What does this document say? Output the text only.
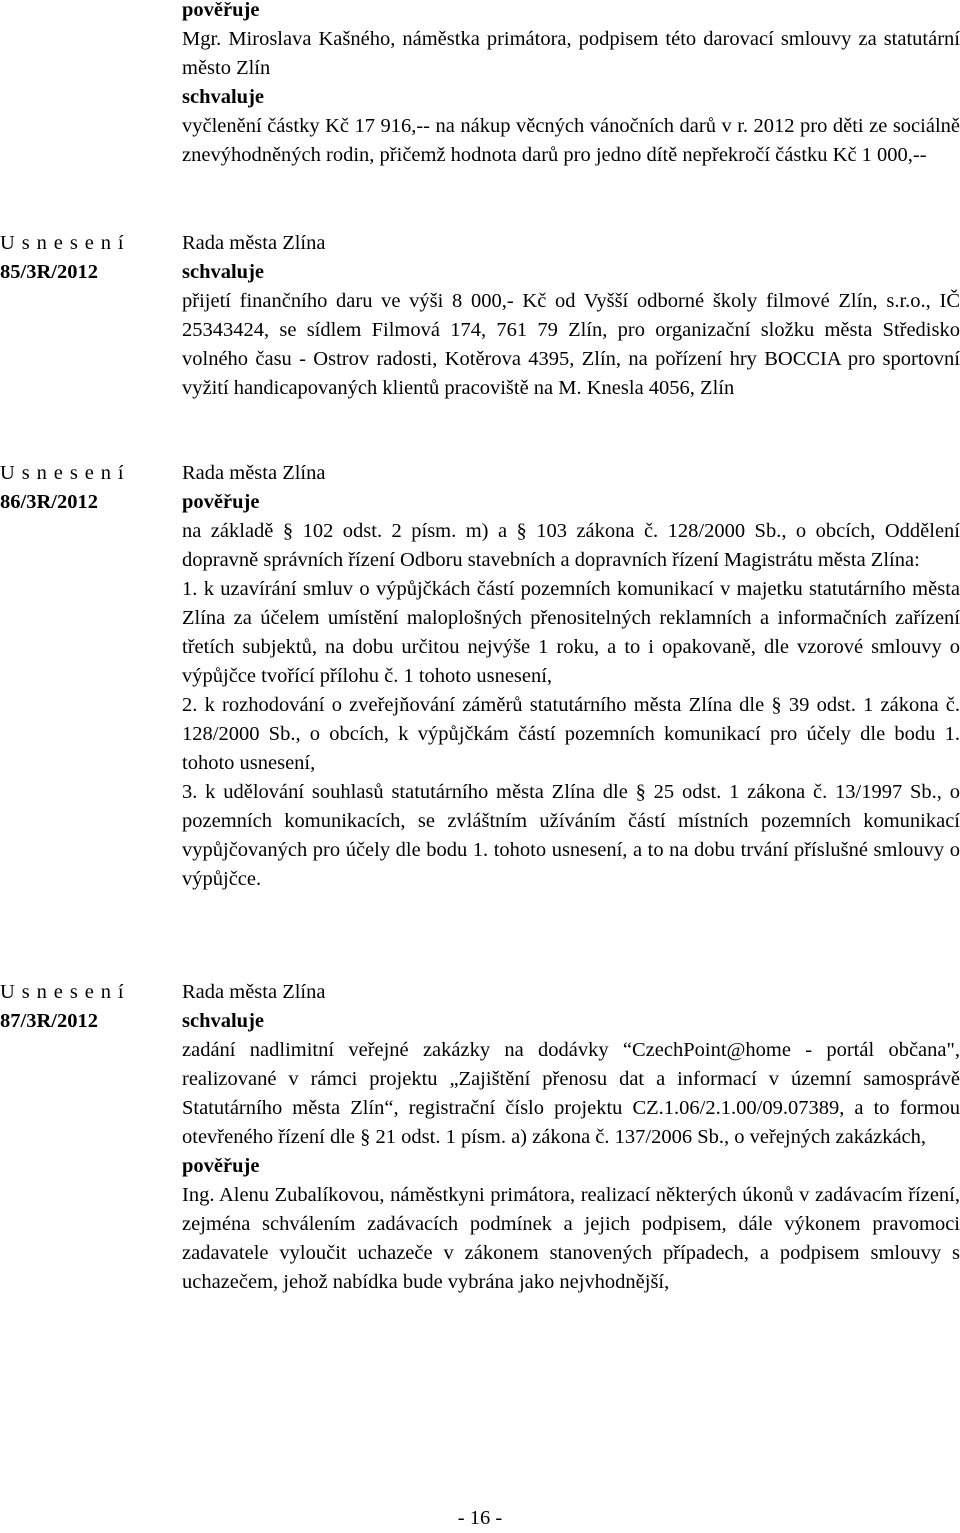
pověřuje

Mgr. Miroslava Kašného, náměstka primátora, podpisem této darovací smlouvy za statutární město Zlín

schvaluje

vyčlenění částky Kč 17 916,-- na nákup věcných vánočních darů v r. 2012 pro děti ze sociálně znevýhodněných rodin, přičemž hodnota darů pro jedno dítě nepřekročí částku Kč 1 000,--

U s n e s e n í
85/3R/2012
Rada města Zlína
schvaluje

přijetí finančního daru ve výši 8 000,- Kč od Vyšší odborné školy filmové Zlín, s.r.o., IČ 25343424, se sídlem Filmová 174, 761 79 Zlín, pro organizační složku města Středisko volného času - Ostrov radosti, Kotěrova 4395, Zlín, na pořízení hry BOCCIA pro sportovní vyžití handicapovaných klientů pracoviště na M. Knesla 4056, Zlín

U s n e s e n í
86/3R/2012
Rada města Zlína
pověřuje

na základě § 102 odst. 2 písm. m) a § 103 zákona č. 128/2000 Sb., o obcích, Oddělení dopravně správních řízení Odboru stavebních a dopravních řízení Magistrátu města Zlína:

1. k uzavírání smluv o výpůjčkách částí pozemních komunikací v majetku statutárního města Zlína za účelem umístění maloplošných přenositelných reklamních a informačních zařízení třetích subjektů, na dobu určitou nejvýše 1 roku, a to i opakovaně, dle vzorové smlouvy o výpůjčce tvořící přílohu č. 1 tohoto usnesení,

2. k rozhodování o zveřejňování záměrů statutárního města Zlína dle § 39 odst. 1 zákona č. 128/2000 Sb., o obcích, k výpůjčkám částí pozemních komunikací pro účely dle bodu 1. tohoto usnesení,

3. k udělování souhlasů statutárního města Zlína dle § 25 odst. 1 zákona č. 13/1997 Sb., o pozemních komunikacích, se zvláštním užíváním částí místních pozemních komunikací vypůjčovaných pro účely dle bodu 1. tohoto usnesení, a to na dobu trvání příslušné smlouvy o výpůjčce.

U s n e s e n í
87/3R/2012
Rada města Zlína
schvaluje

zadání nadlimitní veřejné zakázky na dodávky “CzechPoint@home - portál občana", realizované v rámci projektu „Zajištění přenosu dat a informací v územní samosprávě Statutárního města Zlín“, registrační číslo projektu CZ.1.06/2.1.00/09.07389, a to formou otevřeného řízení dle § 21 odst. 1 písm. a) zákona č. 137/2006 Sb., o veřejných zakázkách,

pověřuje

Ing. Alenu Zubalíkovou, náměstkyni primátora, realizací některých úkonů v zadávacím řízení, zejména schválením zadávacích podmínek a jejich podpisem, dále výkonem pravomoci zadavatele vyloučit uchazeče v zákonem stanovených případech, a podpisem smlouvy s uchazečem, jehož nabídka bude vybrána jako nejvhodnější,

- 16 -
